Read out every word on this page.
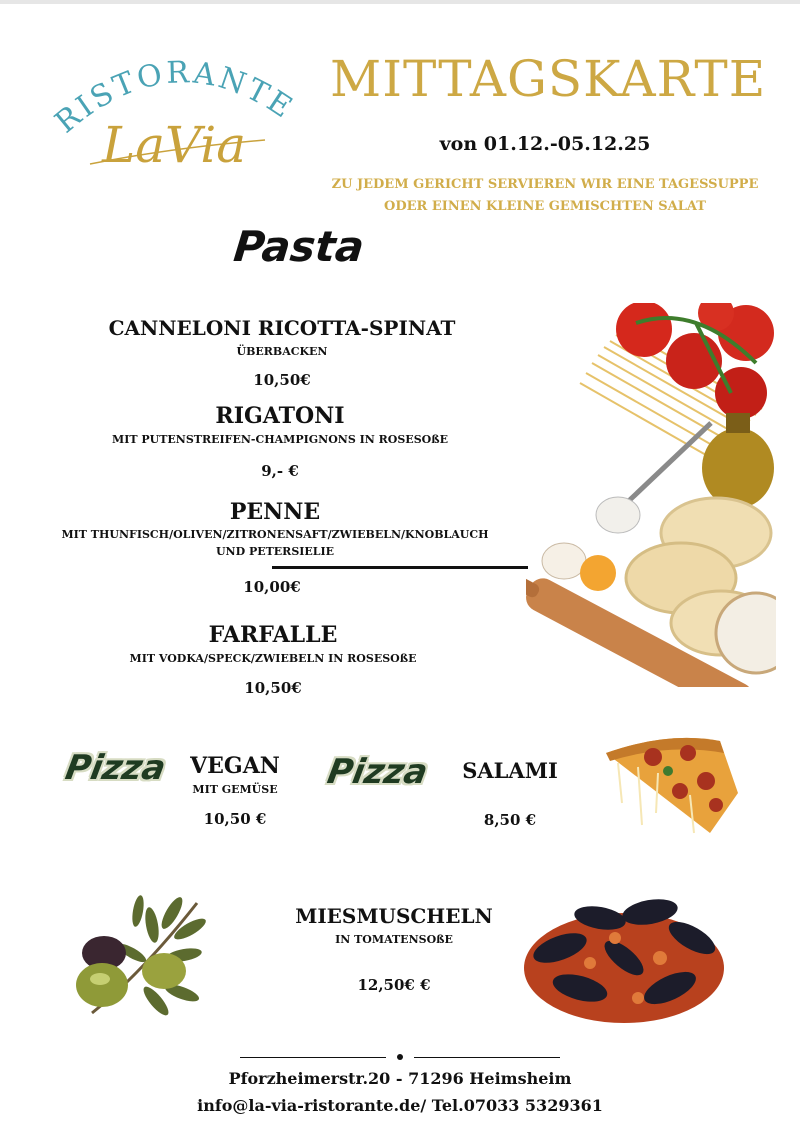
RISTORANTE
LaVia
MITTAGSKARTE
von 01.12.-05.12.25
ZU JEDEM GERICHT SERVIEREN WIR EINE TAGESSUPPE
ODER EINEN KLEINE GEMISCHTEN SALAT
Pasta
CANNELONI RICOTTA-SPINAT
ÜBERBACKEN
10,50€
RIGATONI
MIT PUTENSTREIFEN-CHAMPIGNONS IN ROSESOßE
9,- €
PENNE
MIT THUNFISCH/OLIVEN/ZITRONENSAFT/ZWIEBELN/KNOBLAUCH
UND PETERSIELIE
10,00€
FARFALLE
MIT VODKA/SPECK/ZWIEBELN IN ROSESOßE
10,50€
Pizza VEGAN
MIT GEMÜSE
10,50 €
Pizza	SALAMI
8,50 €
MIESMUSCHELN
IN TOMATENSOßE
12,50€ €
Pforzheimerstr.20 - 71296 Heimsheim
info@la-via-ristorante.de/ Tel.07033 5329361
